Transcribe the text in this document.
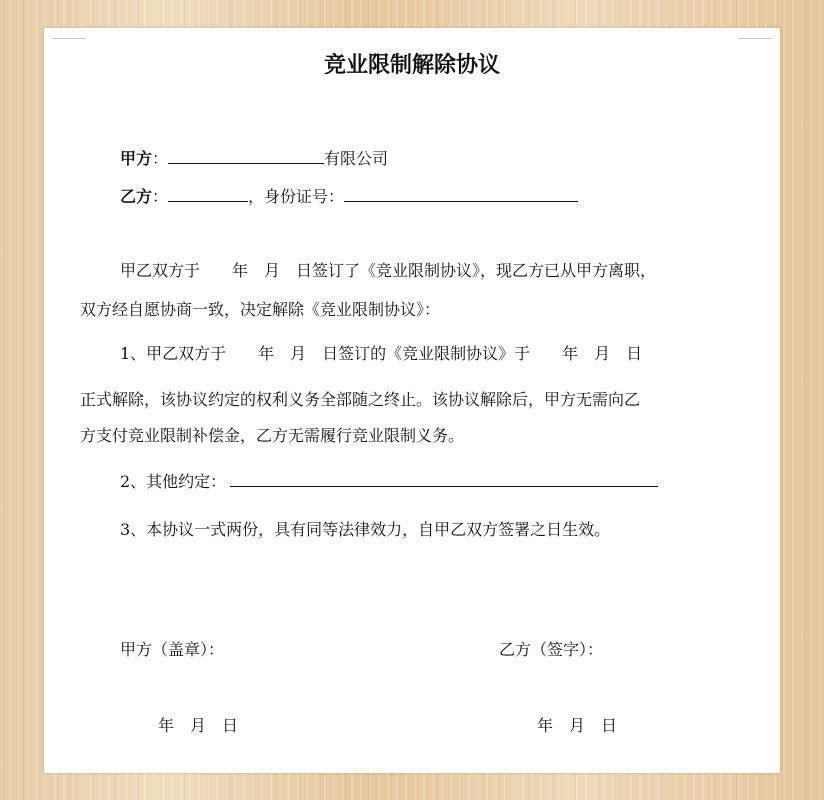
竞业限制解除协议
甲方：	有限公司
乙方：	，身份证号：
甲乙双方于　　年　月　日签订了《竞业限制协议》，现乙方已从甲方离职，
双方经自愿协商一致，决定解除《竞业限制协议》：
1、甲乙双方于　　年　月　日签订的《竞业限制协议》于　　年　月　日
正式解除，该协议约定的权利义务全部随之终止。该协议解除后，甲方无需向乙
方支付竞业限制补偿金，乙方无需履行竞业限制义务。
2、其他约定：
3、本协议一式两份，具有同等法律效力，自甲乙双方签署之日生效。
甲方（盖章）：	乙方（签字）：
年　月　日	年　月　日
